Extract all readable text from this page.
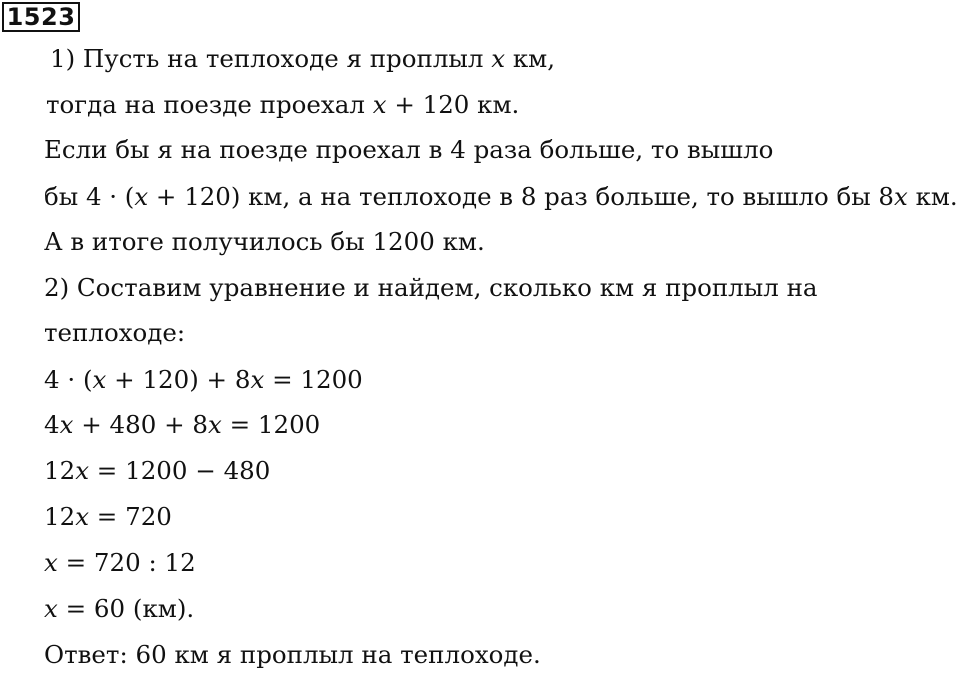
1523
1) Пусть на теплоходе я проплыл x км,
тогда на поезде проехал x + 120 км.
Если бы я на поезде проехал в 4 раза больше, то вышло
бы 4 · (x + 120) км, а на теплоходе в 8 раз больше, то вышло бы 8x км.
А в итоге получилось бы 1200 км.
2) Составим уравнение и найдем, сколько км я проплыл на
теплоходе:
4 · (x + 120) + 8x = 1200
4x + 480 + 8x = 1200
12x = 1200 − 480
12x = 720
x = 720 : 12
x = 60 (км).
Ответ: 60 км я проплыл на теплоходе.
